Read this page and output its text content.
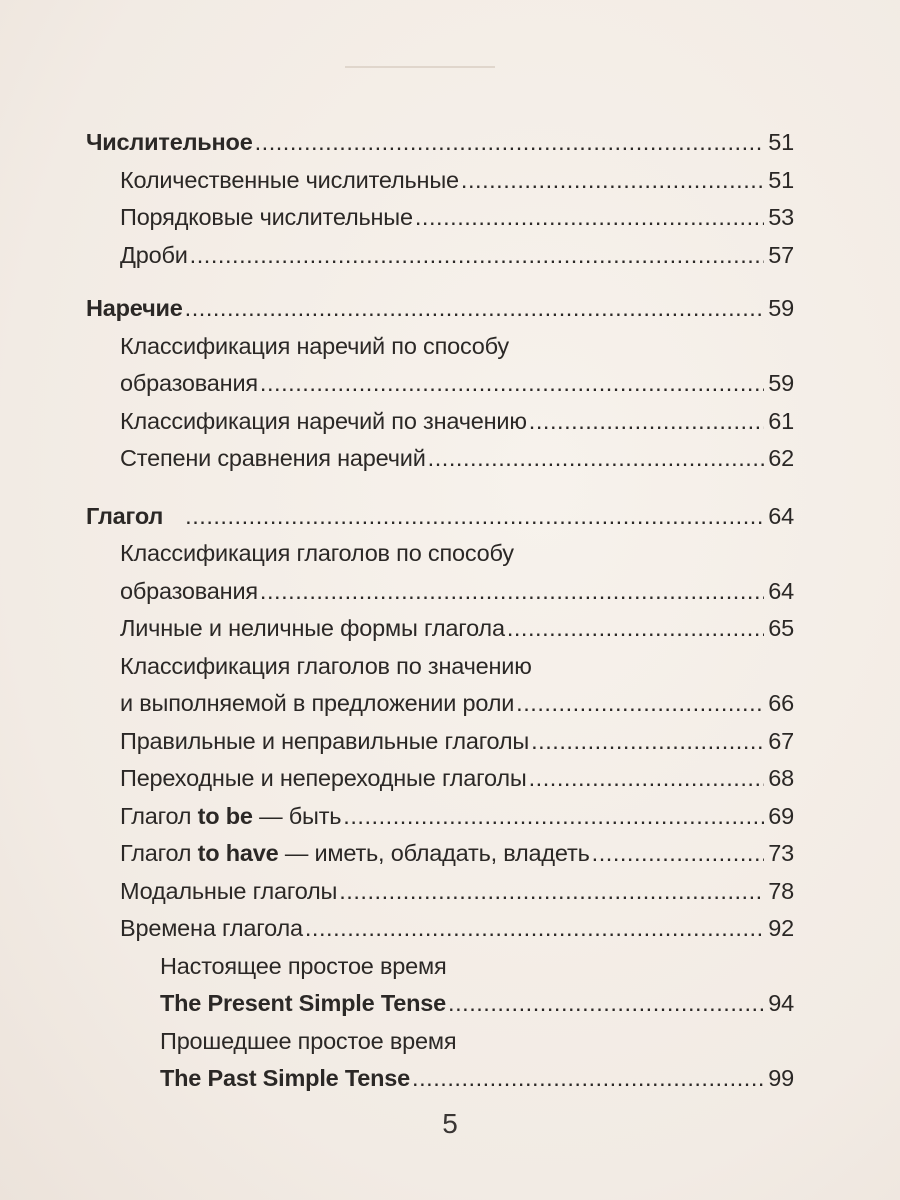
Числительное . . .	51
Количественные числительные . . .	51
Порядковые числительные . . .	53
Дроби . . .	57
Наречие . . .	59
Классификация наречий по способу
образования . . .	59
Классификация наречий по значению . . .	61
Степени сравнения наречий . . .	62
Глагол . . .	64
Классификация глаголов по способу
образования . . .	64
Личные и неличные формы глагола . . .	65
Классификация глаголов по значению
и выполняемой в предложении роли . . .	66
Правильные и неправильные глаголы . . .	67
Переходные и непереходные глаголы . . .	68
Глагол to be — быть . . .	69
Глагол to have — иметь, обладать, владеть . . .	73
Модальные глаголы . . .	78
Времена глагола . . .	92
Настоящее простое время
The Present Simple Tense . . .	94
Прошедшее простое время
The Past Simple Tense . . .	99
5
